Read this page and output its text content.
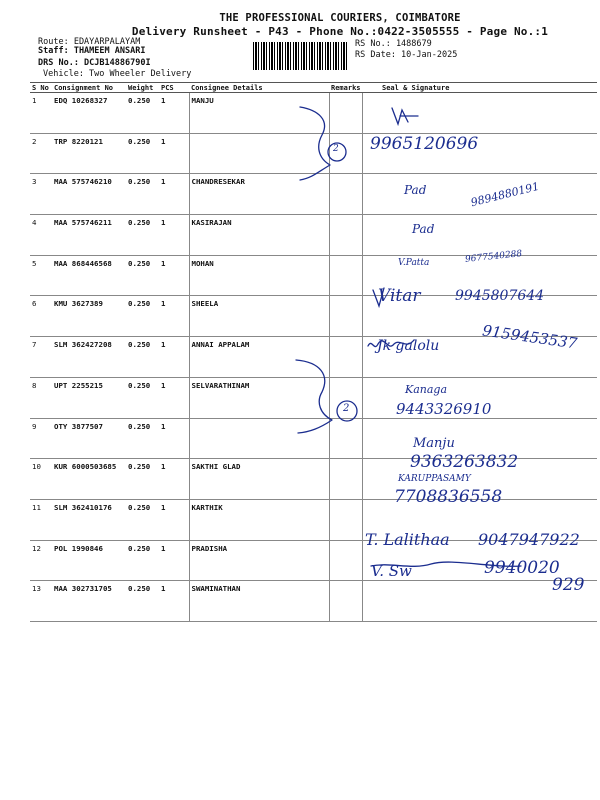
THE PROFESSIONAL COURIERS, COIMBATORE
Delivery Runsheet - P43 - Phone No.:0422-3505555 - Page No.:1
Route: EDAYARPALAYAM
Staff: THAMEEM ANSARI
DRS No.: DCJB14886790I
Vehicle: Two Wheeler Delivery
RS No.: 1488679
RS Date: 10-Jan-2025
S No	Consignment No	Weight	PCS	Consignee Details	Remarks	Seal & Signature
1	EDQ 10268327	0.250	1	MANJU		
2	TRP 8220121	0.250	1			
3	MAA 575746210	0.250	1	CHANDRESEKAR		
4	MAA 575746211	0.250	1	KASIRAJAN		
5	MAA 868446568	0.250	1	MOHAN		
6	KMU 3627389	0.250	1	SHEELA		
7	SLM 362427208	0.250	1	ANNAI APPALAM		
8	UPT 2255215	0.250	1	SELVARATHINAM		
9	OTY 3877507	0.250	1			
10	KUR 6000503685	0.250	1	SAKTHI GLAD		
11	SLM 362410176	0.250	1	KARTHIK		
12	POL 1990846	0.250	1	PRADISHA		
13	MAA 302731705	0.250	1	SWAMINATHAN		
9965120696
2
Pad	9894880191
Pad
V.Patta	9677540288
Vitar 9945807644
Jk galolu	9159453537
2
Kanaga
9443326910
Manju
9363263832
KARUPPASAMY
7708836558
T. Lalithaa 9047947922
V. Sw	9940020
929
